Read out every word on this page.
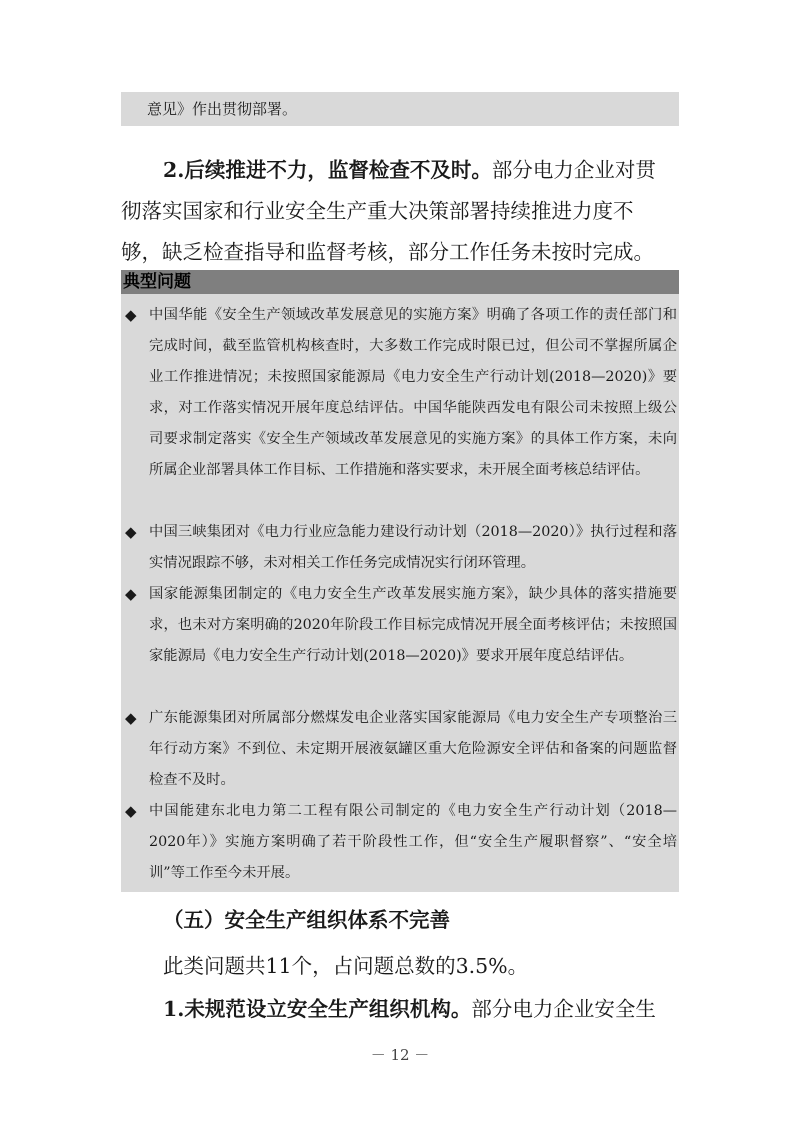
意见》作出贯彻部署。
2.后续推进不力，监督检查不及时。部分电力企业对贯
彻落实国家和行业安全生产重大决策部署持续推进力度不
够，缺乏检查指导和监督考核，部分工作任务未按时完成。
典型问题
◆ 中国华能《安全生产领域改革发展意见的实施方案》明确了各项工作的责任部门和完成时间，截至监管机构核查时，大多数工作完成时限已过，但公司不掌握所属企业工作推进情况；未按照国家能源局《电力安全生产行动计划(2018—2020)》要求，对工作落实情况开展年度总结评估。中国华能陕西发电有限公司未按照上级公司要求制定落实《安全生产领域改革发展意见的实施方案》的具体工作方案，未向所属企业部署具体工作目标、工作措施和落实要求，未开展全面考核总结评估。
◆ 中国三峡集团对《电力行业应急能力建设行动计划（2018—2020）》执行过程和落实情况跟踪不够，未对相关工作任务完成情况实行闭环管理。
◆ 国家能源集团制定的《电力安全生产改革发展实施方案》，缺少具体的落实措施要求，也未对方案明确的2020年阶段工作目标完成情况开展全面考核评估；未按照国家能源局《电力安全生产行动计划(2018—2020)》要求开展年度总结评估。
◆ 广东能源集团对所属部分燃煤发电企业落实国家能源局《电力安全生产专项整治三年行动方案》不到位、未定期开展液氨罐区重大危险源安全评估和备案的问题监督检查不及时。
◆ 中国能建东北电力第二工程有限公司制定的《电力安全生产行动计划（2018—2020年）》实施方案明确了若干阶段性工作，但“安全生产履职督察”、“安全培训”等工作至今未开展。
（五）安全生产组织体系不完善
此类问题共11个，占问题总数的3.5%。
1.未规范设立安全生产组织机构。部分电力企业安全生
－ 12 －
